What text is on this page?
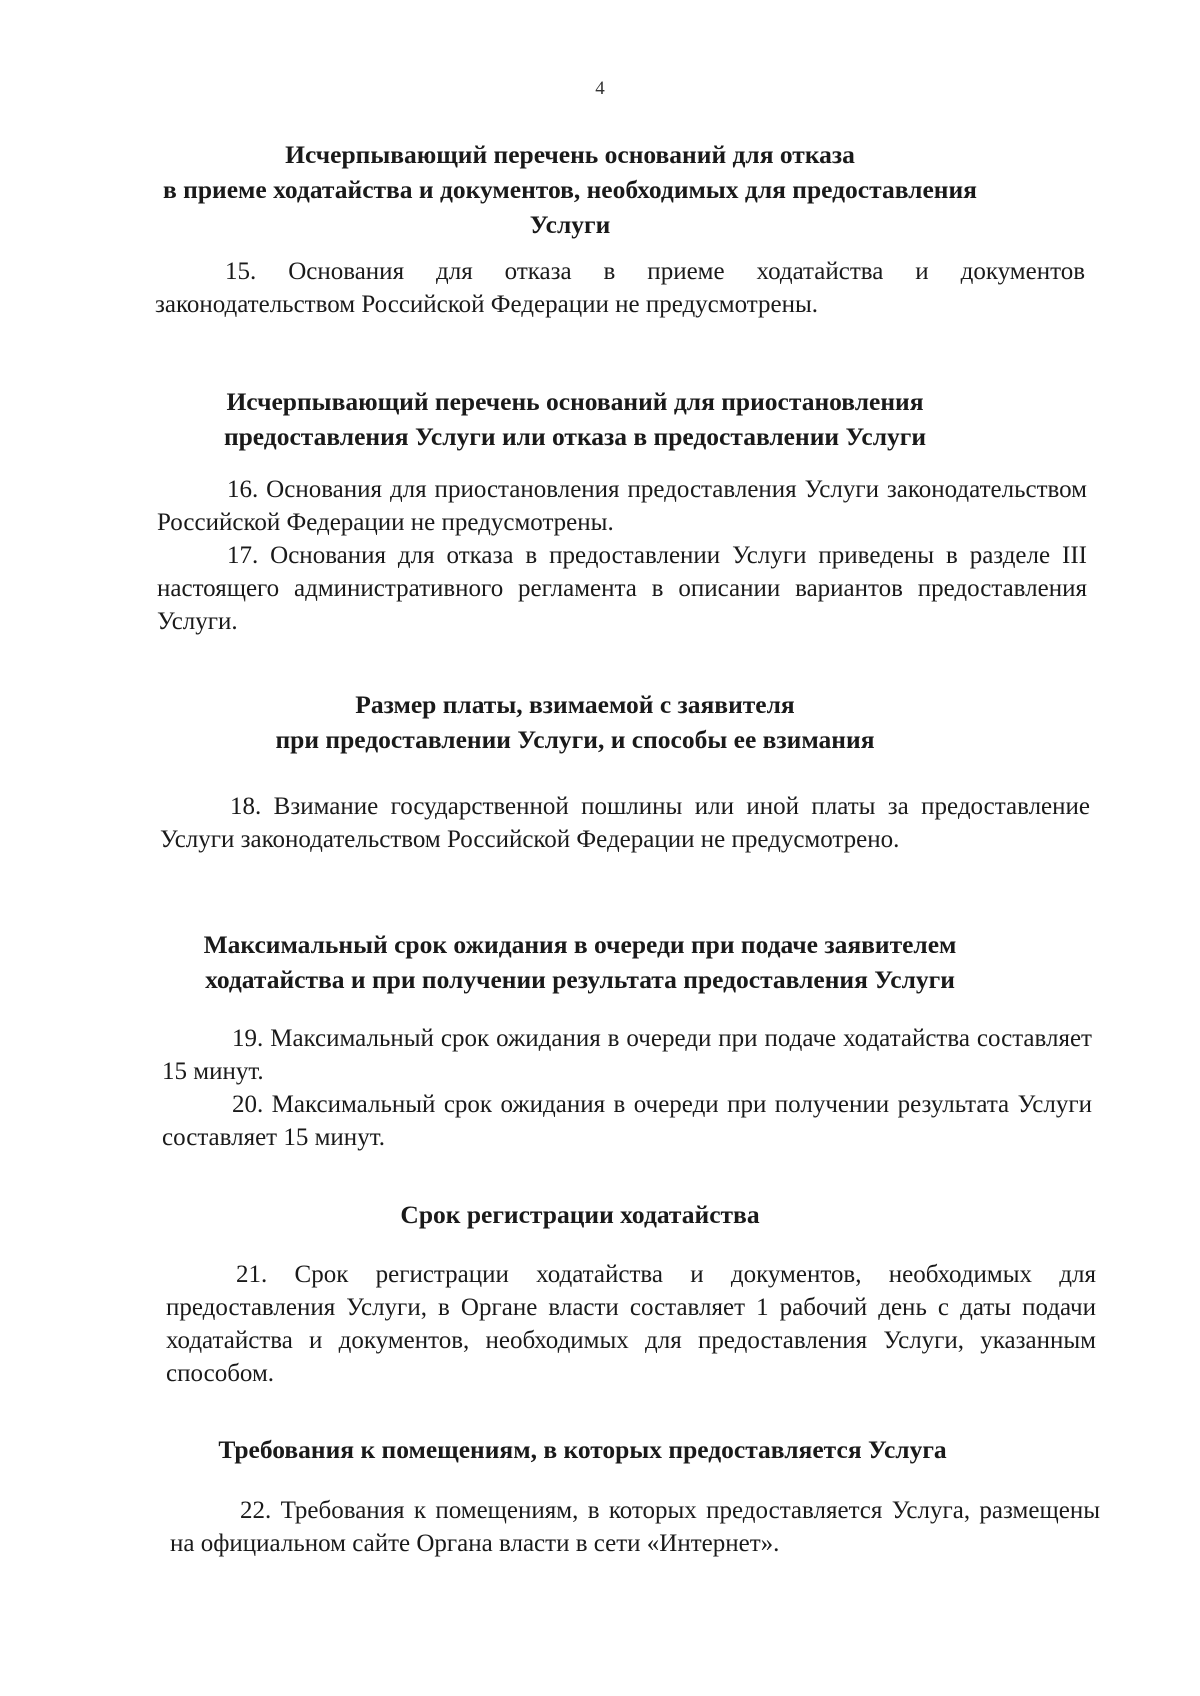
4
Исчерпывающий перечень оснований для отказа
в приеме ходатайства и документов, необходимых для предоставления
Услуги
15. Основания для отказа в приеме ходатайства и документов законодательством Российской Федерации не предусмотрены.
Исчерпывающий перечень оснований для приостановления
предоставления Услуги или отказа в предоставлении Услуги
16. Основания для приостановления предоставления Услуги законодательством Российской Федерации не предусмотрены.
17. Основания для отказа в предоставлении Услуги приведены в разделе III настоящего административного регламента в описании вариантов предоставления Услуги.
Размер платы, взимаемой с заявителя
при предоставлении Услуги, и способы ее взимания
18. Взимание государственной пошлины или иной платы за предоставление Услуги законодательством Российской Федерации не предусмотрено.
Максимальный срок ожидания в очереди при подаче заявителем
ходатайства и при получении результата предоставления Услуги
19. Максимальный срок ожидания в очереди при подаче ходатайства составляет 15 минут.
20. Максимальный срок ожидания в очереди при получении результата Услуги составляет 15 минут.
Срок регистрации ходатайства
21. Срок регистрации ходатайства и документов, необходимых для предоставления Услуги, в Органе власти составляет 1 рабочий день с даты подачи ходатайства и документов, необходимых для предоставления Услуги, указанным способом.
Требования к помещениям, в которых предоставляется Услуга
22. Требования к помещениям, в которых предоставляется Услуга, размещены на официальном сайте Органа власти в сети «Интернет».
